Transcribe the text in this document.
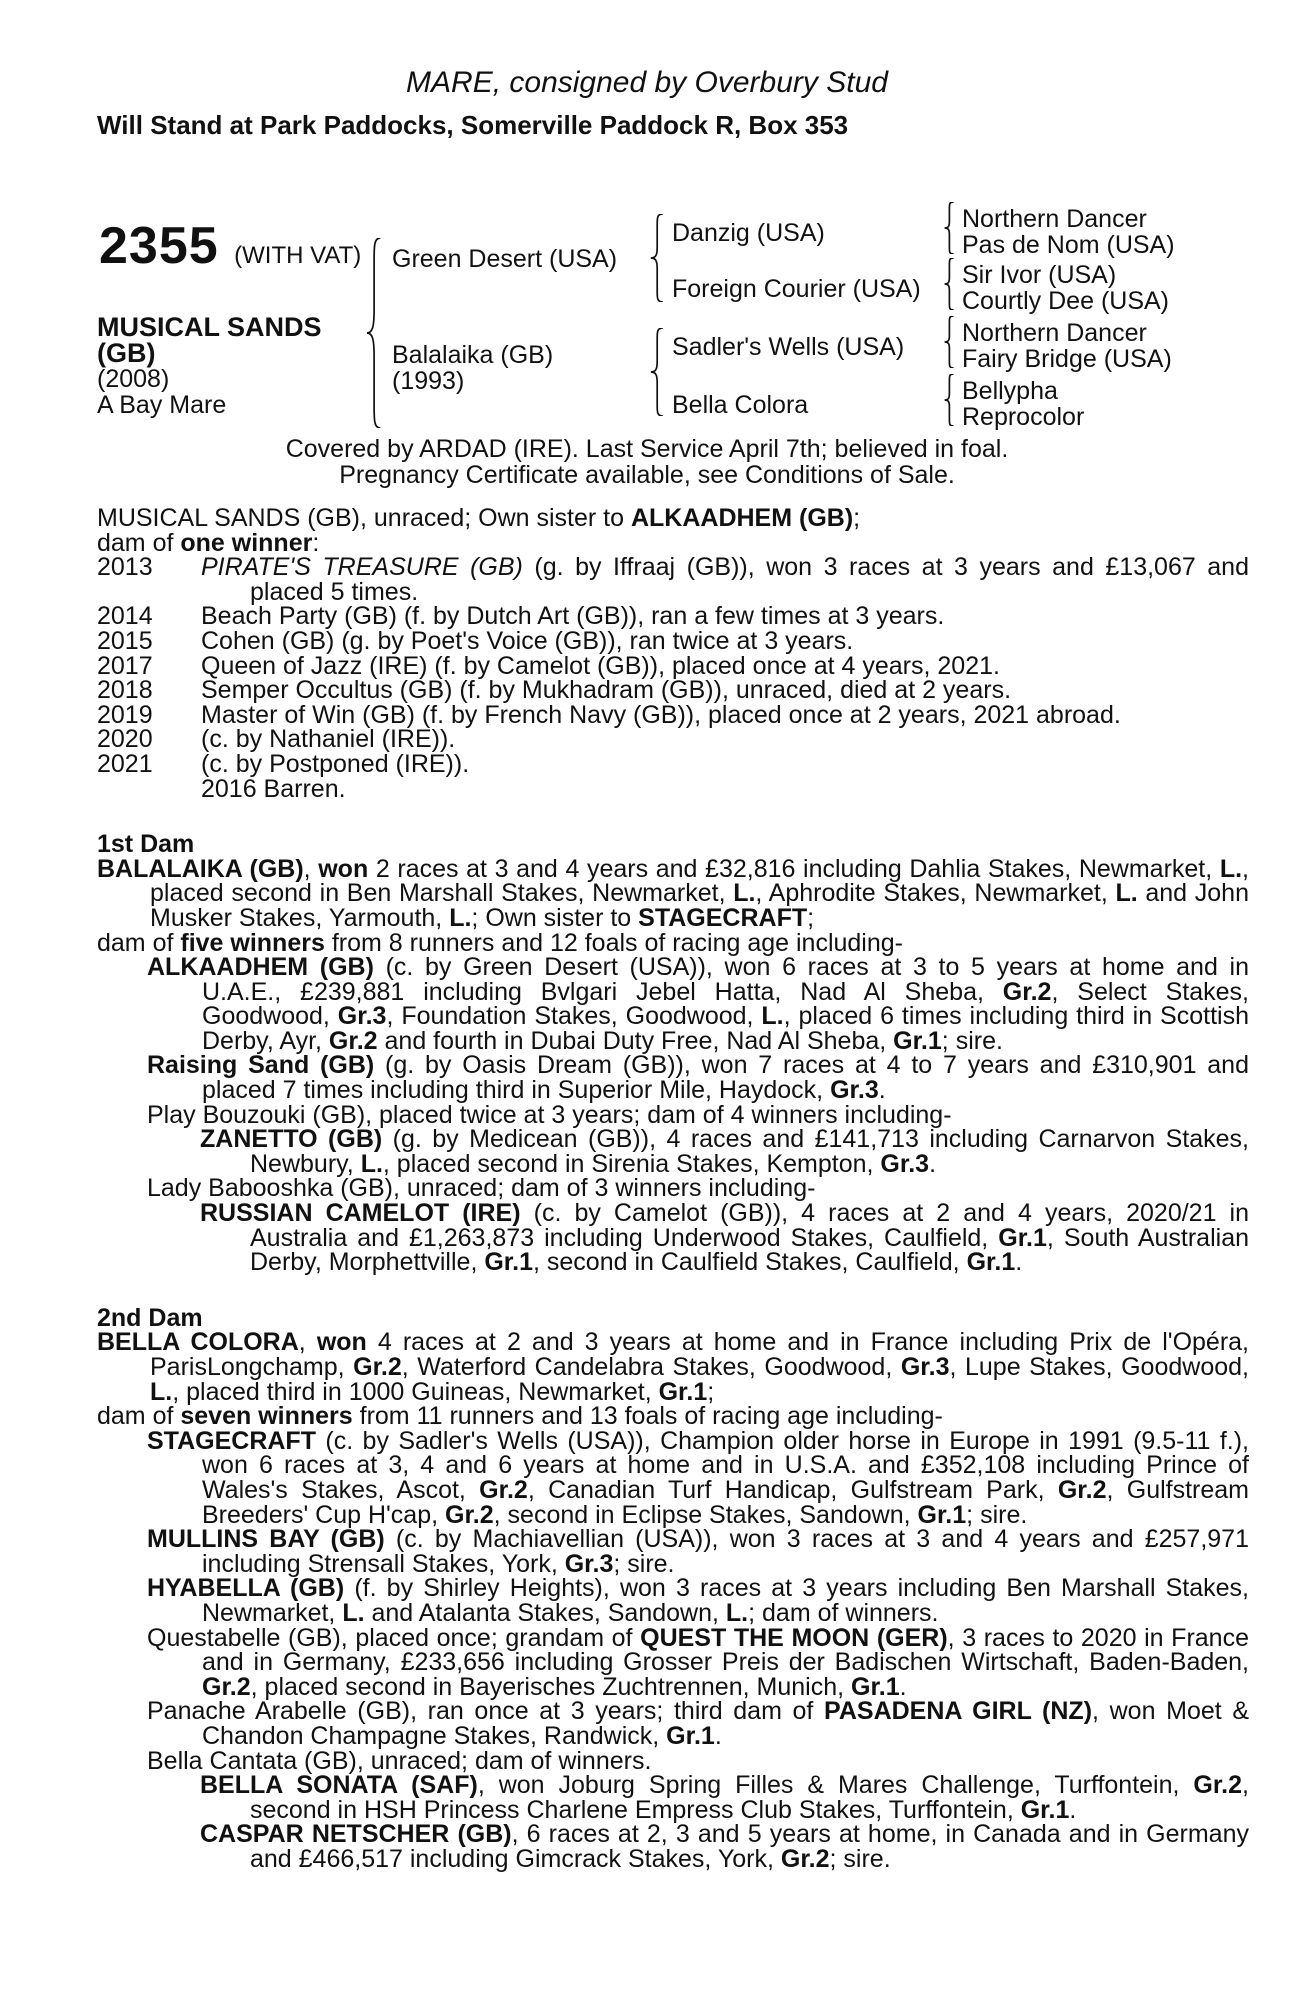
MARE, consigned by Overbury Stud
Will Stand at Park Paddocks, Somerville Paddock R, Box 353
2355 (WITH VAT)
MUSICAL SANDS
(GB)
(2008)
A Bay Mare
Green Desert (USA)
Balalaika (GB)
(1993)
Danzig (USA)
Foreign Courier (USA)
Sadler's Wells (USA)
Bella Colora
Northern Dancer
Pas de Nom (USA)
Sir Ivor (USA)
Courtly Dee (USA)
Northern Dancer
Fairy Bridge (USA)
Bellypha
Reprocolor
Covered by ARDAD (IRE). Last Service April 7th; believed in foal.
Pregnancy Certificate available, see Conditions of Sale.

MUSICAL SANDS (GB), unraced; Own sister to ALKAADHEM (GB);

dam of one winner:

2013 PIRATE'S TREASURE (GB) (g. by Iffraaj (GB)), won 3 races at 3 years and £13,067 and placed 5 times.

2014 Beach Party (GB) (f. by Dutch Art (GB)), ran a few times at 3 years.

2015 Cohen (GB) (g. by Poet's Voice (GB)), ran twice at 3 years.

2017 Queen of Jazz (IRE) (f. by Camelot (GB)), placed once at 4 years, 2021.

2018 Semper Occultus (GB) (f. by Mukhadram (GB)), unraced, died at 2 years.

2019 Master of Win (GB) (f. by French Navy (GB)), placed once at 2 years, 2021 abroad.

2020 (c. by Nathaniel (IRE)).

2021 (c. by Postponed (IRE)).

2016 Barren.

1st Dam

BALALAIKA (GB), won 2 races at 3 and 4 years and £32,816 including Dahlia Stakes, Newmarket, L., placed second in Ben Marshall Stakes, Newmarket, L., Aphrodite Stakes, Newmarket, L. and John Musker Stakes, Yarmouth, L.; Own sister to STAGECRAFT;

dam of five winners from 8 runners and 12 foals of racing age including-

ALKAADHEM (GB) (c. by Green Desert (USA)), won 6 races at 3 to 5 years at home and in U.A.E., £239,881 including Bvlgari Jebel Hatta, Nad Al Sheba, Gr.2, Select Stakes, Goodwood, Gr.3, Foundation Stakes, Goodwood, L., placed 6 times including third in Scottish Derby, Ayr, Gr.2 and fourth in Dubai Duty Free, Nad Al Sheba, Gr.1; sire.

Raising Sand (GB) (g. by Oasis Dream (GB)), won 7 races at 4 to 7 years and £310,901 and placed 7 times including third in Superior Mile, Haydock, Gr.3.

Play Bouzouki (GB), placed twice at 3 years; dam of 4 winners including-

ZANETTO (GB) (g. by Medicean (GB)), 4 races and £141,713 including Carnarvon Stakes, Newbury, L., placed second in Sirenia Stakes, Kempton, Gr.3.

Lady Babooshka (GB), unraced; dam of 3 winners including-

RUSSIAN CAMELOT (IRE) (c. by Camelot (GB)), 4 races at 2 and 4 years, 2020/21 in Australia and £1,263,873 including Underwood Stakes, Caulfield, Gr.1, South Australian Derby, Morphettville, Gr.1, second in Caulfield Stakes, Caulfield, Gr.1.

2nd Dam

BELLA COLORA, won 4 races at 2 and 3 years at home and in France including Prix de l'Opéra, ParisLongchamp, Gr.2, Waterford Candelabra Stakes, Goodwood, Gr.3, Lupe Stakes, Goodwood, L., placed third in 1000 Guineas, Newmarket, Gr.1;

dam of seven winners from 11 runners and 13 foals of racing age including-

STAGECRAFT (c. by Sadler's Wells (USA)), Champion older horse in Europe in 1991 (9.5-11 f.), won 6 races at 3, 4 and 6 years at home and in U.S.A. and £352,108 including Prince of Wales's Stakes, Ascot, Gr.2, Canadian Turf Handicap, Gulfstream Park, Gr.2, Gulfstream Breeders' Cup H'cap, Gr.2, second in Eclipse Stakes, Sandown, Gr.1; sire.

MULLINS BAY (GB) (c. by Machiavellian (USA)), won 3 races at 3 and 4 years and £257,971 including Strensall Stakes, York, Gr.3; sire.

HYABELLA (GB) (f. by Shirley Heights), won 3 races at 3 years including Ben Marshall Stakes, Newmarket, L. and Atalanta Stakes, Sandown, L.; dam of winners.

Questabelle (GB), placed once; grandam of QUEST THE MOON (GER), 3 races to 2020 in France and in Germany, £233,656 including Grosser Preis der Badischen Wirtschaft, Baden-Baden, Gr.2, placed second in Bayerisches Zuchtrennen, Munich, Gr.1.

Panache Arabelle (GB), ran once at 3 years; third dam of PASADENA GIRL (NZ), won Moet & Chandon Champagne Stakes, Randwick, Gr.1.

Bella Cantata (GB), unraced; dam of winners.

BELLA SONATA (SAF), won Joburg Spring Filles & Mares Challenge, Turffontein, Gr.2, second in HSH Princess Charlene Empress Club Stakes, Turffontein, Gr.1.

CASPAR NETSCHER (GB), 6 races at 2, 3 and 5 years at home, in Canada and in Germany and £466,517 including Gimcrack Stakes, York, Gr.2; sire.
